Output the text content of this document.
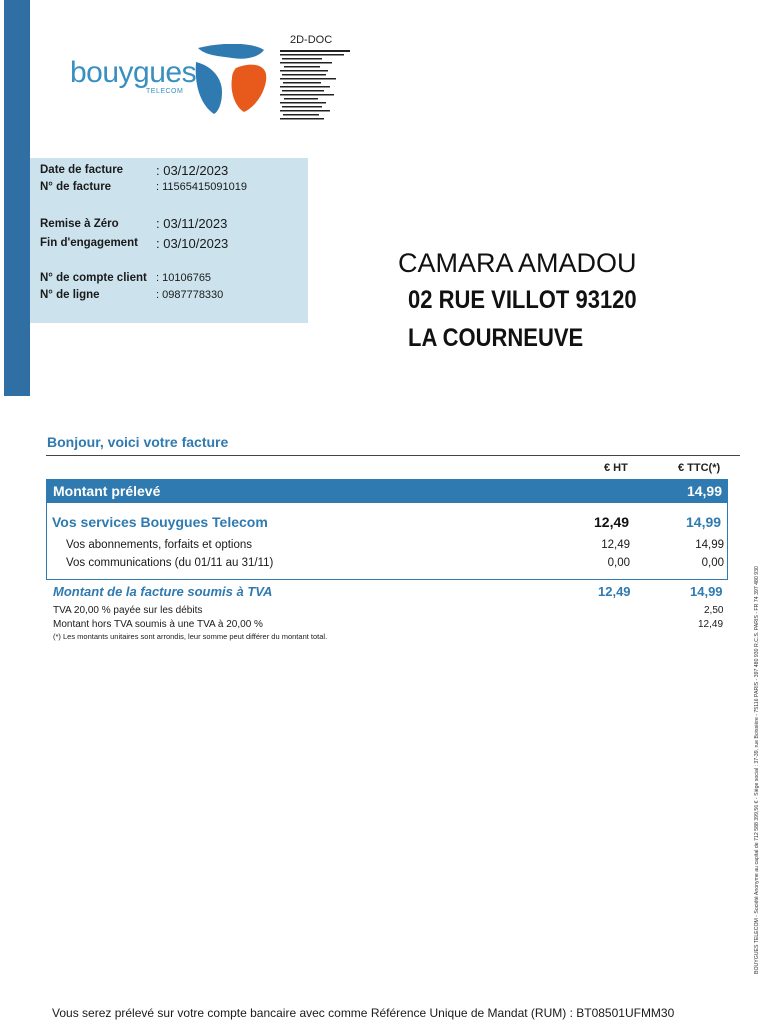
bouygues
TELECOM
2D-DOC
Date de facture	: 03/12/2023
N° de facture	: 11565415091019
Remise à Zéro	: 03/11/2023
Fin d'engagement : 03/10/2023
N° de compte client : 10106765
N° de ligne	: 0987778330
CAMARA AMADOU
02 RUE VILLOT 93120
LA COURNEUVE
Bonjour, voici votre facture
€ HT	€ TTC(*)
Montant prélevé	14,99
Vos services Bouygues Telecom	12,49	14,99
Vos abonnements, forfaits et options	12,49	14,99
Vos communications (du 01/11 au 31/11)	0,00	0,00
Montant de la facture soumis à TVA	12,49	14,99
TVA 20,00 % payée sur les débits	2,50
Montant hors TVA soumis à une TVA à 20,00 %	12,49
(*) Les montants unitaires sont arrondis, leur somme peut différer du montant total.	BOUYGUES TELECOM - Société Anonyme au capital de 712 588 399,56 € - Siège social : 37-39, rue Boissière - 75116 PARIS - 397 480 930 R.C.S. PARIS - FR 74 397 480 930
Vous serez prélevé sur votre compte bancaire avec comme Référence Unique de Mandat (RUM) : BT08501UFMM30
